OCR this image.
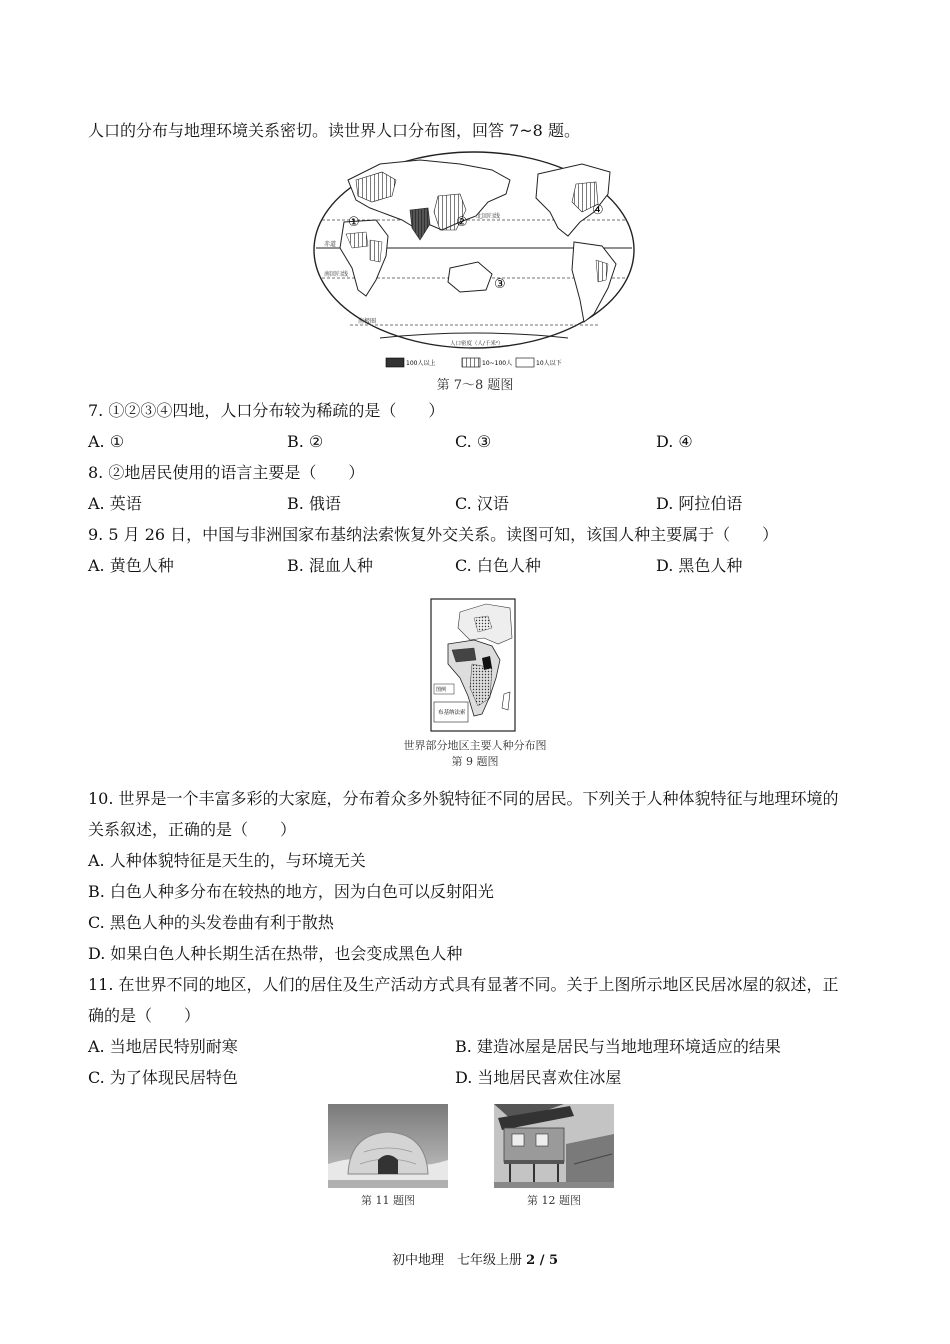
人口的分布与地理环境关系密切。读世界人口分布图，回答 7~8 题。
①	②
③
④
北回归线
赤道
南回归线
南极圈
人口密度（人/千米²）
100人以上	10~100人	10人以下
第 7～8 题图
7. ①②③④四地，人口分布较为稀疏的是（　　）
A. ①	B. ②	C. ③	D. ④
8. ②地居民使用的语言主要是（　　）
A. 英语	B. 俄语	C. 汉语	D. 阿拉伯语
9. 5 月 26 日，中国与非洲国家布基纳法索恢复外交关系。读图可知，该国人种主要属于（　　）
A. 黄色人种	B. 混血人种	C. 白色人种	D. 黑色人种
图例
布基纳法索
世界部分地区主要人种分布图
第 9 题图
10. 世界是一个丰富多彩的大家庭，分布着众多外貌特征不同的居民。下列关于人种体貌特征与地理环境的
关系叙述，正确的是（　　）
A. 人种体貌特征是天生的，与环境无关
B. 白色人种多分布在较热的地方，因为白色可以反射阳光
C. 黑色人种的头发卷曲有利于散热
D. 如果白色人种长期生活在热带，也会变成黑色人种
11. 在世界不同的地区，人们的居住及生产活动方式具有显著不同。关于上图所示地区民居冰屋的叙述，正
确的是（　　）
A. 当地居民特别耐寒	B. 建造冰屋是居民与当地地理环境适应的结果
C. 为了体现民居特色	D. 当地居民喜欢住冰屋
第 11 题图	第 12 题图
初中地理　七年级上册 2 / 5
